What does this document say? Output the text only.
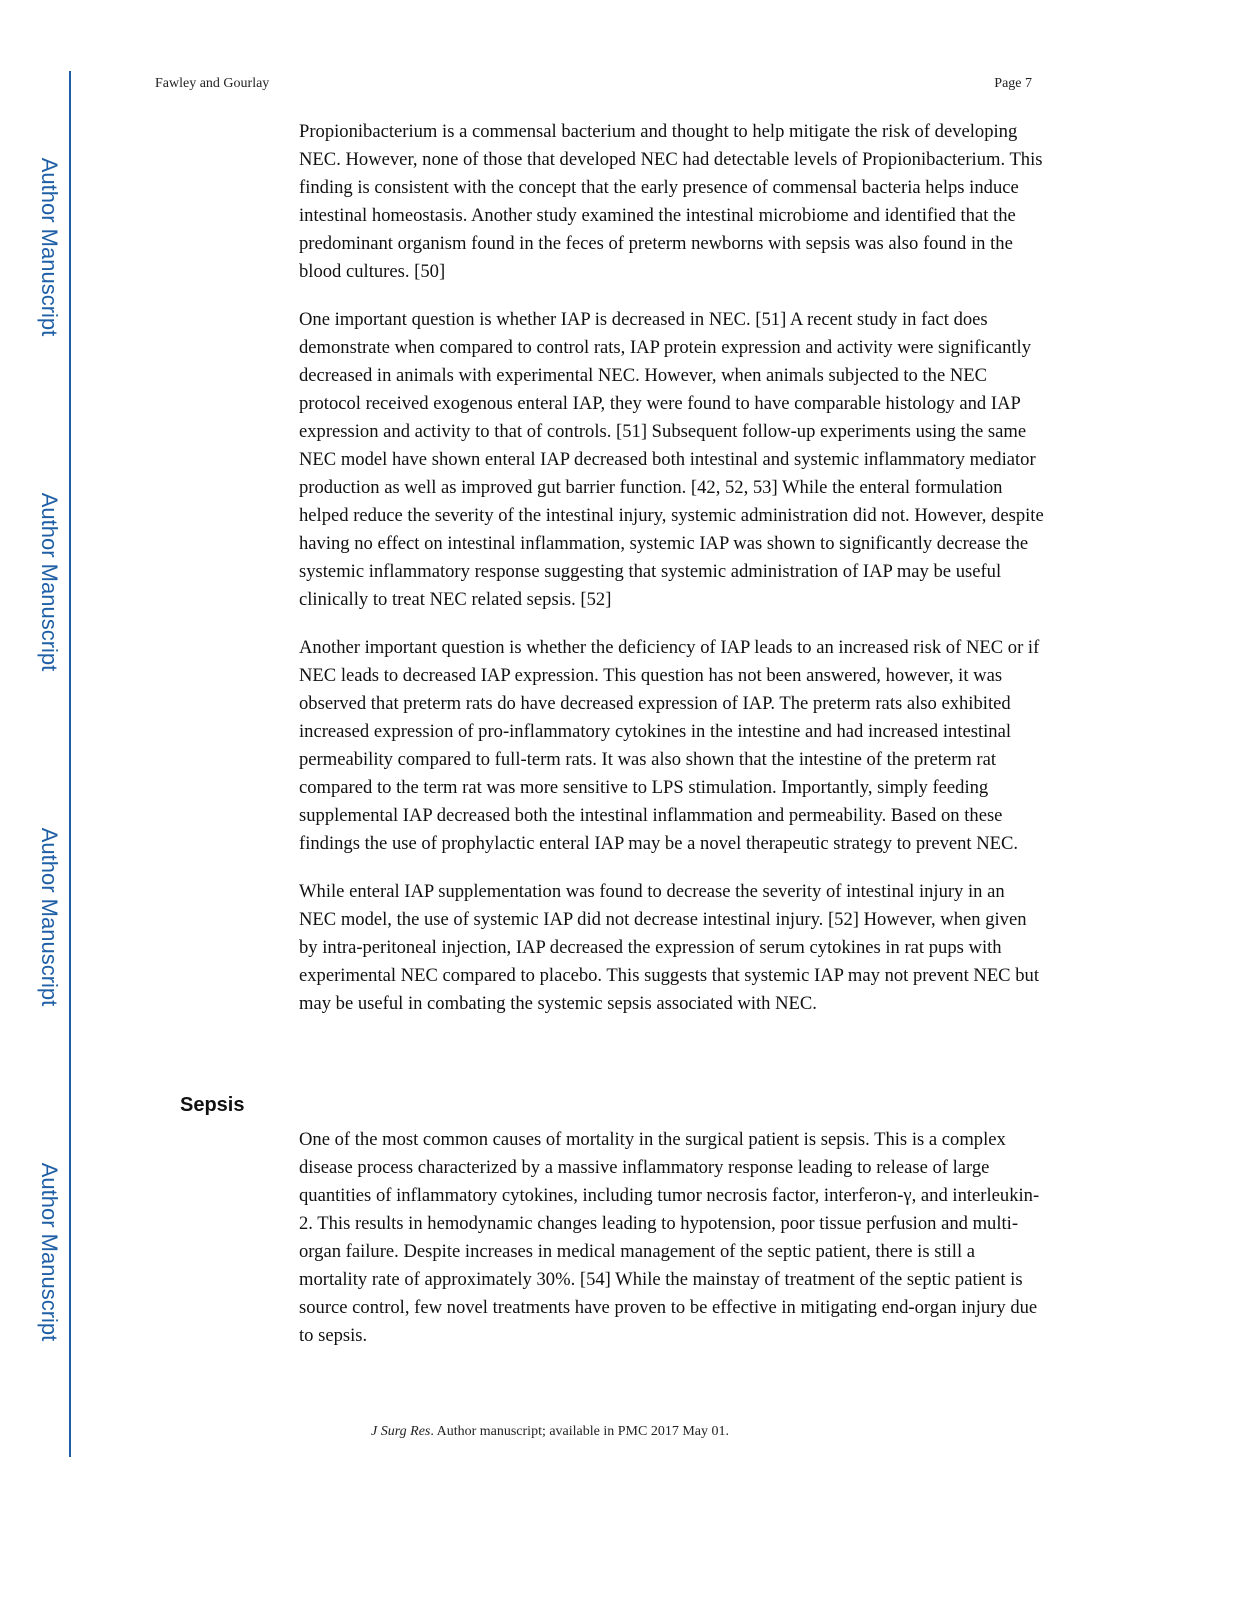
Author Manuscript
Author Manuscript
Author Manuscript
Author Manuscript
Fawley and Gourlay	Page 7

Propionibacterium is a commensal bacterium and thought to help mitigate the risk of developing NEC. However, none of those that developed NEC had detectable levels of Propionibacterium. This finding is consistent with the concept that the early presence of commensal bacteria helps induce intestinal homeostasis. Another study examined the intestinal microbiome and identified that the predominant organism found in the feces of preterm newborns with sepsis was also found in the blood cultures. [50]

One important question is whether IAP is decreased in NEC. [51] A recent study in fact does demonstrate when compared to control rats, IAP protein expression and activity were significantly decreased in animals with experimental NEC. However, when animals subjected to the NEC protocol received exogenous enteral IAP, they were found to have comparable histology and IAP expression and activity to that of controls. [51] Subsequent follow-up experiments using the same NEC model have shown enteral IAP decreased both intestinal and systemic inflammatory mediator production as well as improved gut barrier function. [42, 52, 53] While the enteral formulation helped reduce the severity of the intestinal injury, systemic administration did not. However, despite having no effect on intestinal inflammation, systemic IAP was shown to significantly decrease the systemic inflammatory response suggesting that systemic administration of IAP may be useful clinically to treat NEC related sepsis. [52]

Another important question is whether the deficiency of IAP leads to an increased risk of NEC or if NEC leads to decreased IAP expression. This question has not been answered, however, it was observed that preterm rats do have decreased expression of IAP. The preterm rats also exhibited increased expression of pro-inflammatory cytokines in the intestine and had increased intestinal permeability compared to full-term rats. It was also shown that the intestine of the preterm rat compared to the term rat was more sensitive to LPS stimulation. Importantly, simply feeding supplemental IAP decreased both the intestinal inflammation and permeability. Based on these findings the use of prophylactic enteral IAP may be a novel therapeutic strategy to prevent NEC.

While enteral IAP supplementation was found to decrease the severity of intestinal injury in an NEC model, the use of systemic IAP did not decrease intestinal injury. [52] However, when given by intra-peritoneal injection, IAP decreased the expression of serum cytokines in rat pups with experimental NEC compared to placebo. This suggests that systemic IAP may not prevent NEC but may be useful in combating the systemic sepsis associated with NEC.

Sepsis

One of the most common causes of mortality in the surgical patient is sepsis. This is a complex disease process characterized by a massive inflammatory response leading to release of large quantities of inflammatory cytokines, including tumor necrosis factor, interferon-γ, and interleukin-2. This results in hemodynamic changes leading to hypotension, poor tissue perfusion and multi-organ failure. Despite increases in medical management of the septic patient, there is still a mortality rate of approximately 30%. [54] While the mainstay of treatment of the septic patient is source control, few novel treatments have proven to be effective in mitigating end-organ injury due to sepsis.

J Surg Res. Author manuscript; available in PMC 2017 May 01.
